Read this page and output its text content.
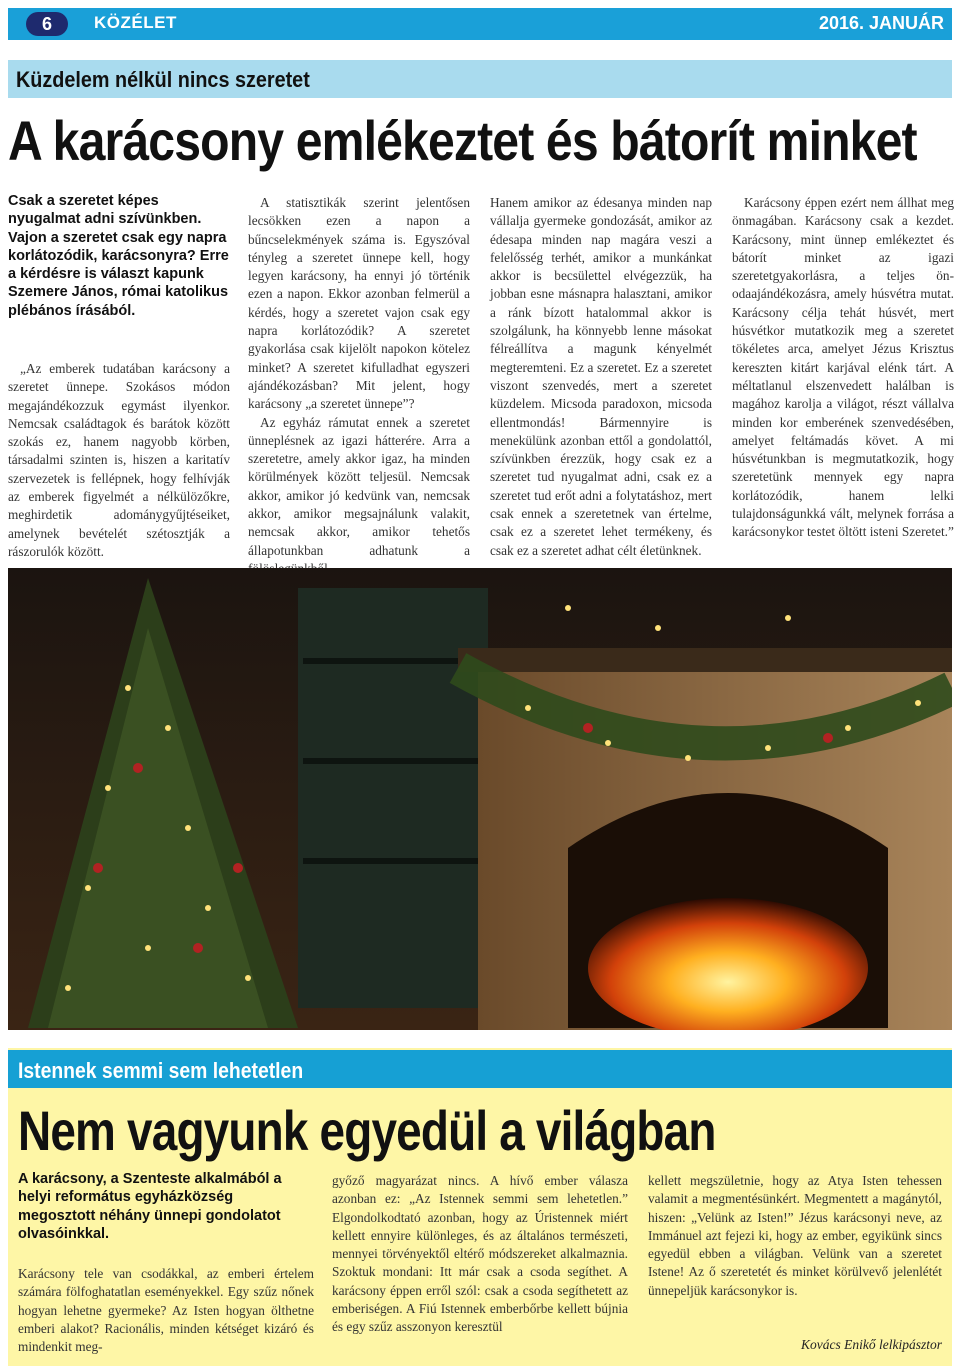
6	KÖZÉLET	2016. JANUÁR
Küzdelem nélkül nincs szeretet
A karácsony emlékeztet és bátorít minket
Csak a szeretet képes nyugalmat adni szívünkben. Vajon a szeretet csak egy napra korlátozódik, karácsonyra? Erre a kérdésre is választ kapunk Szemere János, római katolikus plébános írásából.

„Az emberek tudatában karácsony a szeretet ünnepe. Szokásos módon megajándékozzuk egymást ilyenkor. Nemcsak családtagok és barátok között szokás ez, hanem nagyobb körben, társadalmi szinten is, hiszen a karitatív szervezetek is fellépnek, hogy felhívják az emberek figyelmét a nélkülözőkre, meghirdetik adománygyűjtéseiket, amelynek bevételét szétosztják a rászorulók között.

A statisztikák szerint jelentősen lecsökken ezen a napon a bűncselekmények száma is. Egyszóval tényleg a szeretet ünnepe kell, hogy legyen karácsony, ha ennyi jó történik ezen a napon. Ekkor azonban felmerül a kérdés, hogy a szeretet vajon csak egy napra korlátozódik? A szeretet gyakorlása csak kijelölt napokon kötelez minket? A szeretet kifulladhat egyszeri ajándékozásban? Mit jelent, hogy karácsony „a szeretet ünnepe”?

Az egyház rámutat ennek a szeretet ünneplésnek az igazi hátterére. Arra a szeretetre, amely akkor igaz, ha minden körülmények között teljesül. Nemcsak akkor, amikor jó kedvünk van, nemcsak akkor, amikor megsajnálunk valakit, nemcsak akkor, amikor tehetős állapotunkban adhatunk a

Hanem amikor az édesanya minden nap vállalja gyermeke gondozását, amikor az édesapa minden nap magára veszi a felelősség terhét, amikor a munkánkat akkor is becsülettel elvégezzük, ha jobban esne másnapra halasztani, amikor a ránk bízott hatalommal akkor is szolgálunk, ha könnyebb lenne másokat félreállítva a magunk kényelmét megteremteni. Ez a szeretet. Ez a szeretet viszont szenvedés, mert a szeretet küzdelem. Micsoda paradoxon, micsoda ellentmondás! Bármennyire is menekülünk azonban ettől a gondolattól, szívünkben érezzük, hogy csak ez a szeretet tud nyugalmat adni, csak ez a szeretet tud erőt adni a folytatáshoz, mert csak ennek a szeretetnek van értelme, csak ez a szeretet lehet termékeny, és csak ez a szeretet adhat célt életünknek.

Karácsony éppen ezért nem állhat meg önmagában. Karácsony csak a kezdet. Karácsony, mint ünnep emlékeztet és bátorít minket az igazi szeretetgyakorlásra, a teljes ön-odaajándékozásra, amely húsvétra mutat. Karácsony célja tehát húsvét, mert húsvétkor mutatkozik meg a szeretet tökéletes arca, amelyet Jézus Krisztus kereszten kitárt karjával elénk tárt. A méltatlanul elszenvedett halálban is magához karolja a világot, részt vállalva minden kor emberének szenvedésében, amelyet feltámadás követ. A mi húsvétunkban is megmutatkozik, hogy szeretetünk mennyek egy napra korlátozódik, hanem lelki tulajdonságunkká vált, melynek forrása a karácsonykor testet öltött isteni Szeretet.”

Istennek semmi sem lehetetlen
Nem vagyunk egyedül a világban
A karácsony, a Szenteste alkalmából a helyi református egyházközség megosztott néhány ünnepi gondolatot olvasóinkkal.

Karácsony tele van csodákkal, az emberi értelem számára fölfoghatatlan eseményekkel. Egy szűz nőnek hogyan lehetne gyermeke? Az Isten hogyan ölthetne emberi alakot? Racionális, minden kétséget kizáró és mindenkit meg-

győző magyarázat nincs. A hívő ember válasza azonban ez: „Az Istennek semmi sem lehetetlen.” Elgondolkodtató azonban, hogy az Úristennek miért kellett ennyire különleges, és az általános természeti, mennyei törvényektől eltérő módszereket alkalmaznia. Szoktuk mondani: Itt már csak a csoda segíthet. A karácsony éppen erről szól: csak a csoda segíthetett az emberiségen. A Fiú Istennek emberbőrbe kellett bújnia és egy szűz asszonyon keresztül

kellett megszületnie, hogy az Atya Isten tehessen valamit a megmentésünkért. Megmentett a magánytól, hiszen: „Velünk az Isten!” Jézus karácsonyi neve, az Immánuel azt fejezi ki, hogy az ember, egyikünk sincs egyedül ebben a világban. Velünk van a szeretet Istene! Az ő szeretetét és minket körülvevő jelenlétét ünnepeljük karácsonykor is.

Kovács Enikő lelkipásztor
